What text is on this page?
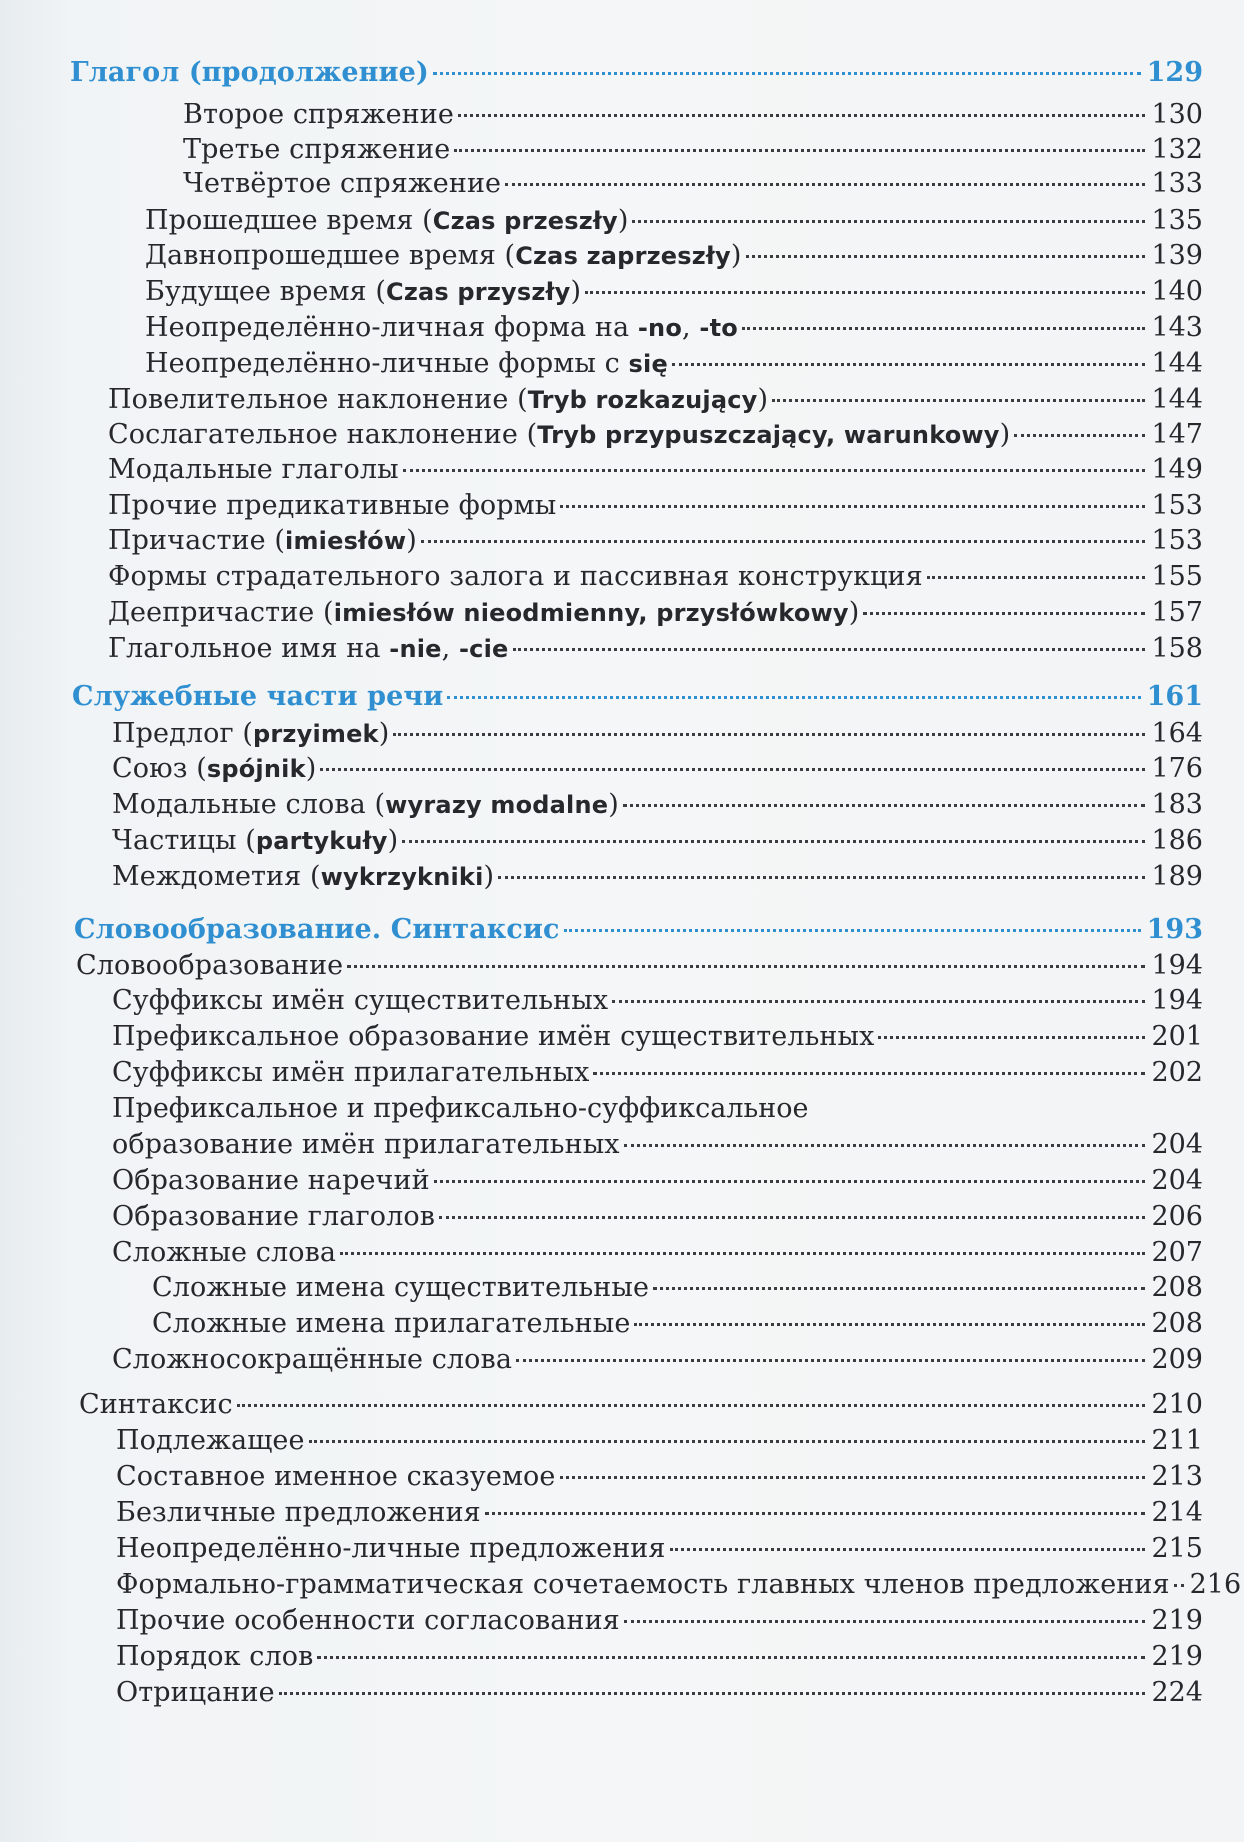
Глагол (продолжение)	129
Второе спряжение	130
Третье спряжение	132
Четвёртое спряжение	133
Прошедшее время (Czas przeszły)	135
Давнопрошедшее время (Czas zaprzeszły)	139
Будущее время (Czas przyszły)	140
Неопределённо-личная форма на -no, -to	143
Неопределённо-личные формы с się	144
Повелительное наклонение (Tryb rozkazujący)	144
Сослагательное наклонение (Tryb przypuszczający, warunkowy)	147
Модальные глаголы	149
Прочие предикативные формы	153
Причастие (imiesłów)	153
Формы страдательного залога и пассивная конструкция	155
Деепричастие (imiesłów nieodmienny, przysłówkowy)	157
Глагольное имя на -nie, -cie	158
Служебные части речи	161
Предлог (przyimek)	164
Союз (spójnik)	176
Модальные слова (wyrazy modalne)	183
Частицы (partykuły)	186
Междометия (wykrzykniki)	189
Словообразование. Синтаксис	193
Словообразование	194
Суффиксы имён существительных	194
Префиксальное образование имён существительных	201
Суффиксы имён прилагательных	202
Префиксальное и префиксально-суффиксальное
образование имён прилагательных	204
Образование наречий	204
Образование глаголов	206
Сложные слова	207
Сложные имена существительные	208
Сложные имена прилагательные	208
Сложносокращённые слова	209
Синтаксис	210
Подлежащее	211
Составное именное сказуемое	213
Безличные предложения	214
Неопределённо-личные предложения	215
Формально-грамматическая сочетаемость главных членов предложения 216
Прочие особенности согласования	219
Порядок слов	219
Отрицание	224
